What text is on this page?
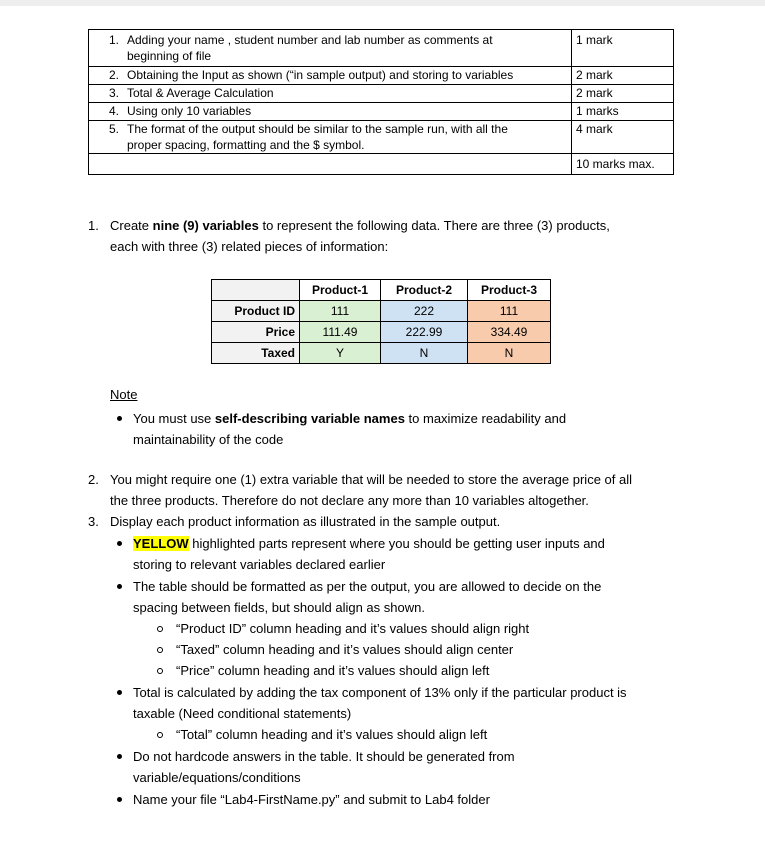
1. Adding your name , student number and lab number as comments at
beginning of file	1 mark
2. Obtaining the Input as shown (“in sample output) and storing to variables	2 mark
3. Total & Average Calculation	2 mark
4. Using only 10 variables	1 marks
5. The format of the output should be similar to the sample run, with all the
proper spacing, formatting and the $ symbol.	4 mark
	10 marks max.
1. Create nine (9) variables to represent the following data. There are three (3) products,
each with three (3) related pieces of information:
	Product-1	Product-2	Product-3
Product ID	111	222	111
Price	111.49	222.99	334.49
Taxed	Y	N	N
Note
You must use self-describing variable names to maximize readability and
maintainability of the code
2. You might require one (1) extra variable that will be needed to store the average price of all
the three products. Therefore do not declare any more than 10 variables altogether.
3. Display each product information as illustrated in the sample output.
YELLOW highlighted parts represent where you should be getting user inputs and
storing to relevant variables declared earlier
The table should be formatted as per the output, you are allowed to decide on the
spacing between fields, but should align as shown.
“Product ID” column heading and it’s values should align right
“Taxed” column heading and it’s values should align center
“Price” column heading and it’s values should align left
Total is calculated by adding the tax component of 13% only if the particular product is
taxable (Need conditional statements)
“Total” column heading and it’s values should align left
Do not hardcode answers in the table. It should be generated from
variable/equations/conditions
Name your file “Lab4-FirstName.py” and submit to Lab4 folder
